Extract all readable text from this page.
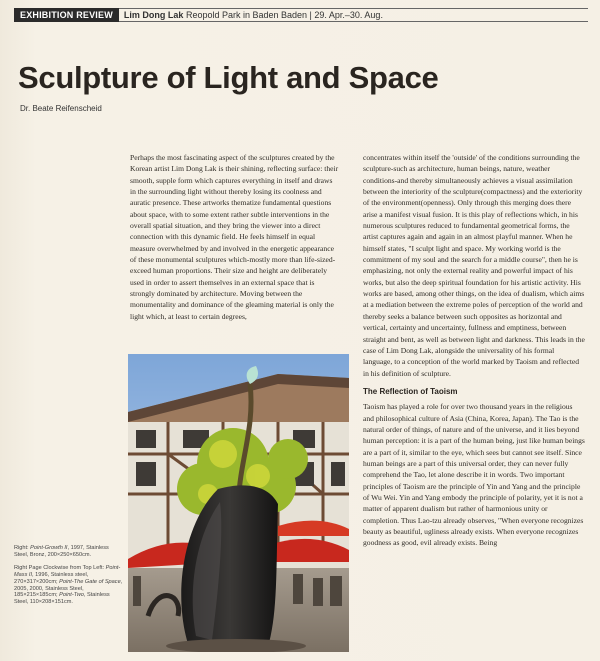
EXHIBITION REVIEW	Lim Dong Lak Reopold Park in Baden Baden | 29. Apr.–30. Aug.
Sculpture of Light and Space
Dr. Beate Reifenscheid

Perhaps the most fascinating aspect of the sculptures created by the Korean artist Lim Dong Lak is their shining, reflecting surface: their smooth, supple form which captures everything in itself and draws in the surrounding light without thereby losing its coolness and auratic presence. These artworks thematize fundamental questions about space, with to some extent rather subtle interventions in the overall spatial situation, and they bring the viewer into a direct connection with this dynamic field. He feels himself in equal measure overwhelmed by and involved in the energetic appearance of these monumental sculptures which-mostly more than life-sized-exceed human proportions. Their size and height are deliberately used in order to assert themselves in an external space that is strongly dominated by architecture. Moving between the monumentality and dominance of the gleaming material is only the light which, at least to certain degrees,

concentrates within itself the 'outside' of the conditions surrounding the sculpture-such as architecture, human beings, nature, weather conditions-and thereby simultaneously achieves a visual assimilation between the interiority of the sculpture(compactness) and the exteriority of the environment(openness). Only through this merging does there arise a manifest visual fusion. It is this play of reflections which, in his numerous sculptures reduced to fundamental geometrical forms, the artist captures again and again in an almost playful manner. When he himself states, "I sculpt light and space. My working world is the commitment of my soul and the search for a middle course", then he is emphasizing, not only the external reality and powerful impact of his works, but also the deep spiritual foundation for his artistic activity. His works are based, among other things, on the idea of dualism, which aims at a mediation between the extreme poles of perception of the world and thereby seeks a balance between such opposites as horizontal and vertical, certainty and uncertainty, fullness and emptiness, between straight and bent, as well as between light and darkness. This leads in the case of Lim Dong Lak, alongside the universality of his formal language, to a conception of the world marked by Taoism and reflected in his definition of sculpture.

The Reflection of Taoism

Taoism has played a role for over two thousand years in the religious and philosophical culture of Asia (China, Korea, Japan). The Tao is the natural order of things, of nature and of the universe, and it lies beyond human perception: it is a part of the human being, just like human beings are a part of it, similar to the eye, which sees but cannot see itself. Since human beings are a part of this universal order, they can never fully comprehend the Tao, let alone describe it in words. Two important principles of Taoism are the principle of Yin and Yang and the principle of Wu Wei. Yin and Yang embody the principle of polarity, yet it is not a matter of apparent dualism but rather of harmonious unity or completion. Thus Lao-tzu already observes, "When everyone recognizes beauty as beautiful, ugliness already exists. When everyone recognizes goodness as good, evil already exists. Being

Right: Point-Growth II, 1997, Stainless Steel, Bronz, 200×250×650cm.

Right Page Clockwise from Top Left: Point-Mass II, 1996, Stainless steel, 270×317×200cm; Point-The Gate of Space, 2005, 2000, Stainless Steel, 185×215×185cm; Point-Two, Stainless Steel, 110×208×151cm.
